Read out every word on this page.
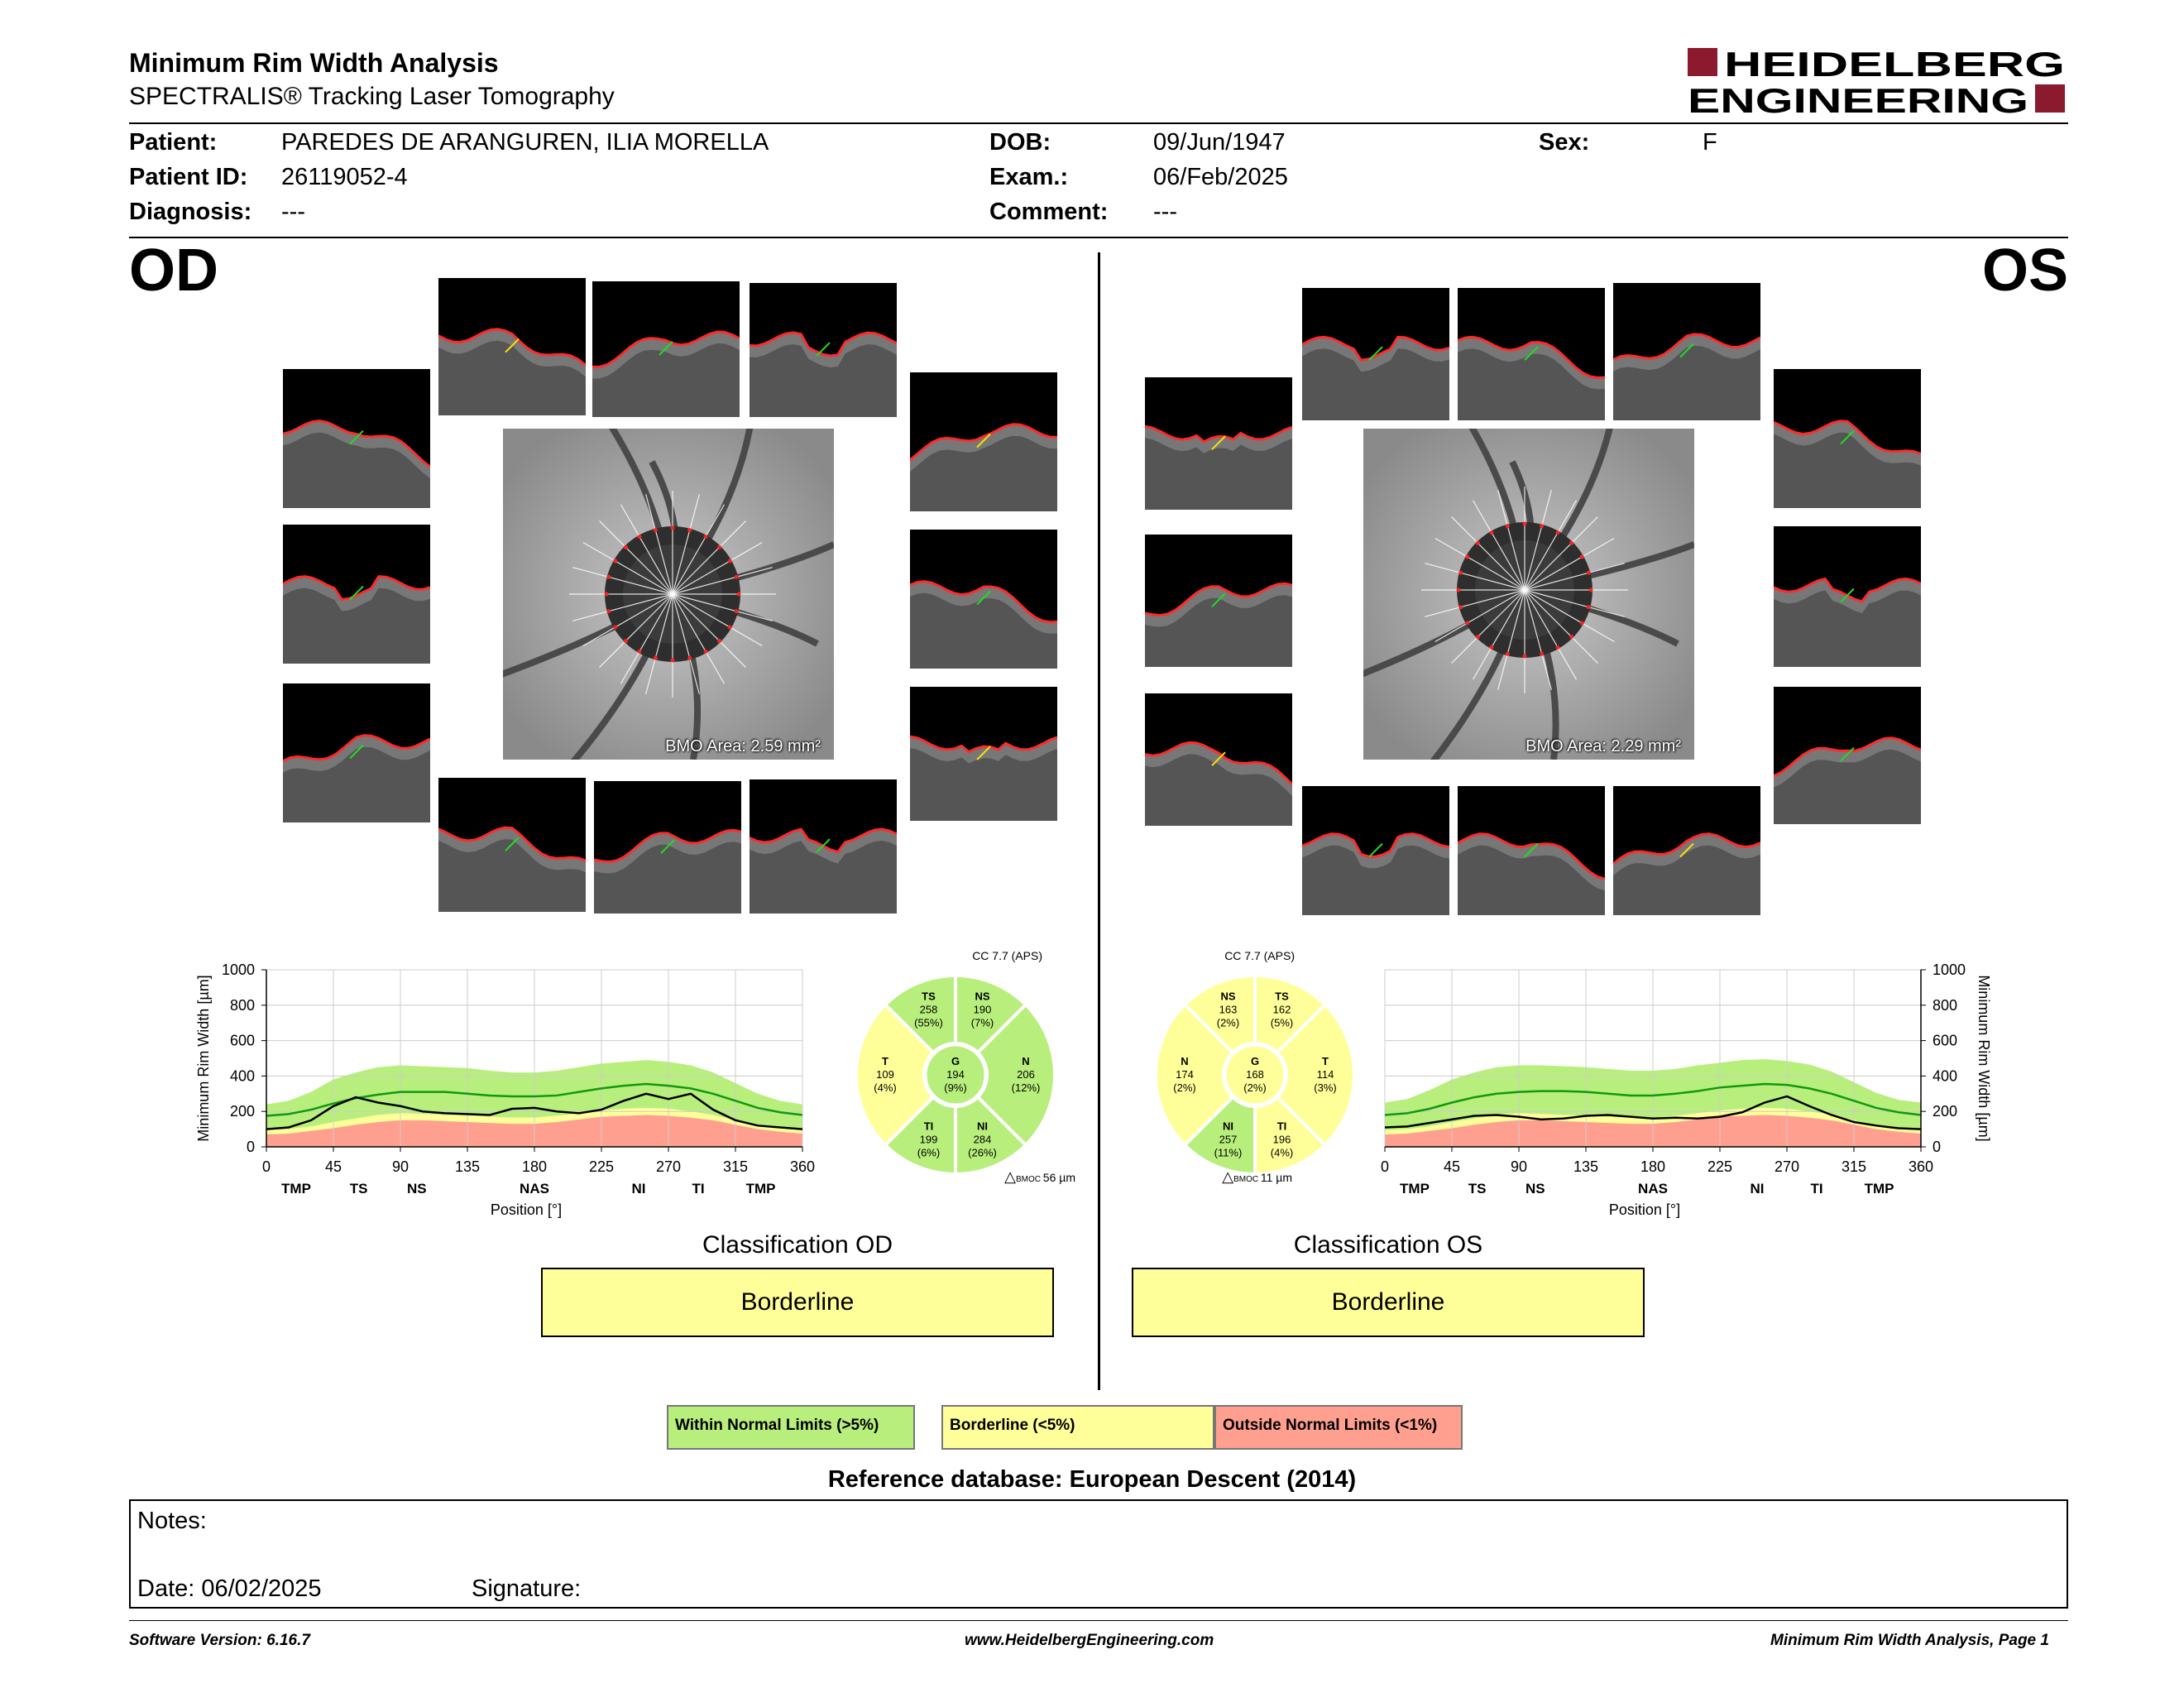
Minimum Rim Width Analysis
SPECTRALIS® Tracking Laser Tomography
HEIDELBERG
ENGINEERING
Patient:	PAREDES DE ARANGUREN, ILIA MORELLA
Patient ID: 26119052-4
Diagnosis: ---
DOB:	09/Jun/1947
Exam.:	06/Feb/2025
Comment: ---
Sex:	F
OD	OS
BMO Area: 2.59 mm²	BMO Area: 2.29 mm²
0
200
400
600
800
1000
0	45	90	135	180	225	270	315	360
TMP	TS	NS	NAS	NI	TI	TMP
Position [°]
Minimum Rim Width [µm]
0
200
400
600
800
1000
0	45	90	135	180	225	270	315	360
TMP	TS	NS	NAS	NI	TI	TMP
Position [°]
Minimum Rim Width [µm]
TS
258
(55%)
NS
190
(7%)
N
206
(12%)
NI
284
(26%)
TI
199
(6%)
T
109
(4%)
G
194
(9%)
CC 7.7 (APS)
△BMOC 56 µm
NS
163
(2%)
TS
162
(5%)
T
114
(3%)
TI
196
(4%)
NI
257
(11%)
N
174
(2%)
G
168
(2%)
CC 7.7 (APS)
△BMOC 11 µm
Classification OD
Borderline
Classification OS
Borderline
Within Normal Limits (>5%)	Borderline (<5%)	Outside Normal Limits (<1%)
Reference database: European Descent (2014)
Notes:
Date: 06/02/2025	Signature:
Software Version: 6.16.7	www.HeidelbergEngineering.com	Minimum Rim Width Analysis, Page 1
